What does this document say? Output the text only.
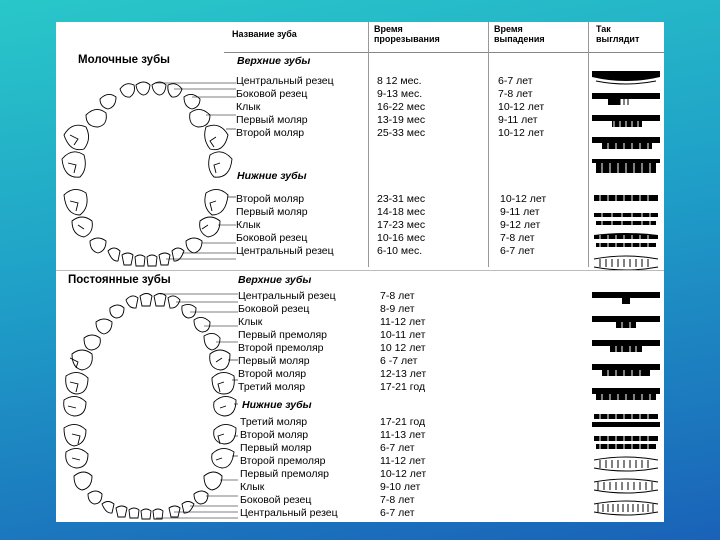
Название зуба	Время
прорезывания
Время
выпадения
Так
выглядит
Молочные зубы	Верхние зубы
Центральный резец	8 12 мес.	6-7 лет
Боковой резец	9-13 мес.	7-8 лет
Клык	16-22 мес	10-12 лет
Первый моляр	13-19 мес	9-11 лет
Второй моляр	25-33 мес	10-12 лет
Нижние зубы
Второй моляр	23-31 мес	10-12 лет
Первый моляр	14-18 мес	9-11 лет
Клык	17-23 мес	9-12 лет
Боковой резец	10-16 мес	7-8 лет
Центральный резец	6-10 мес.	6-7 лет
Постоянные зубы	Верхние зубы
Центральный резец	7-8 лет
Боковой резец	8-9 лет
Клык	11-12 лет
Первый премоляр	10-11 лет
Второй премоляр	10 12 лет
Первый моляр	6 -7 лет
Второй моляр	12-13 лет
Третий моляр	17-21 год
Нижние зубы
Третий моляр	17-21 год
Второй моляр	11-13 лет
Первый моляр	6-7 лет
Второй премоляр	11-12 лет
Первый премоляр	10-12 лет
Клык	9-10 лет
Боковой резец	7-8 лет
Центральный резец	6-7 лет
